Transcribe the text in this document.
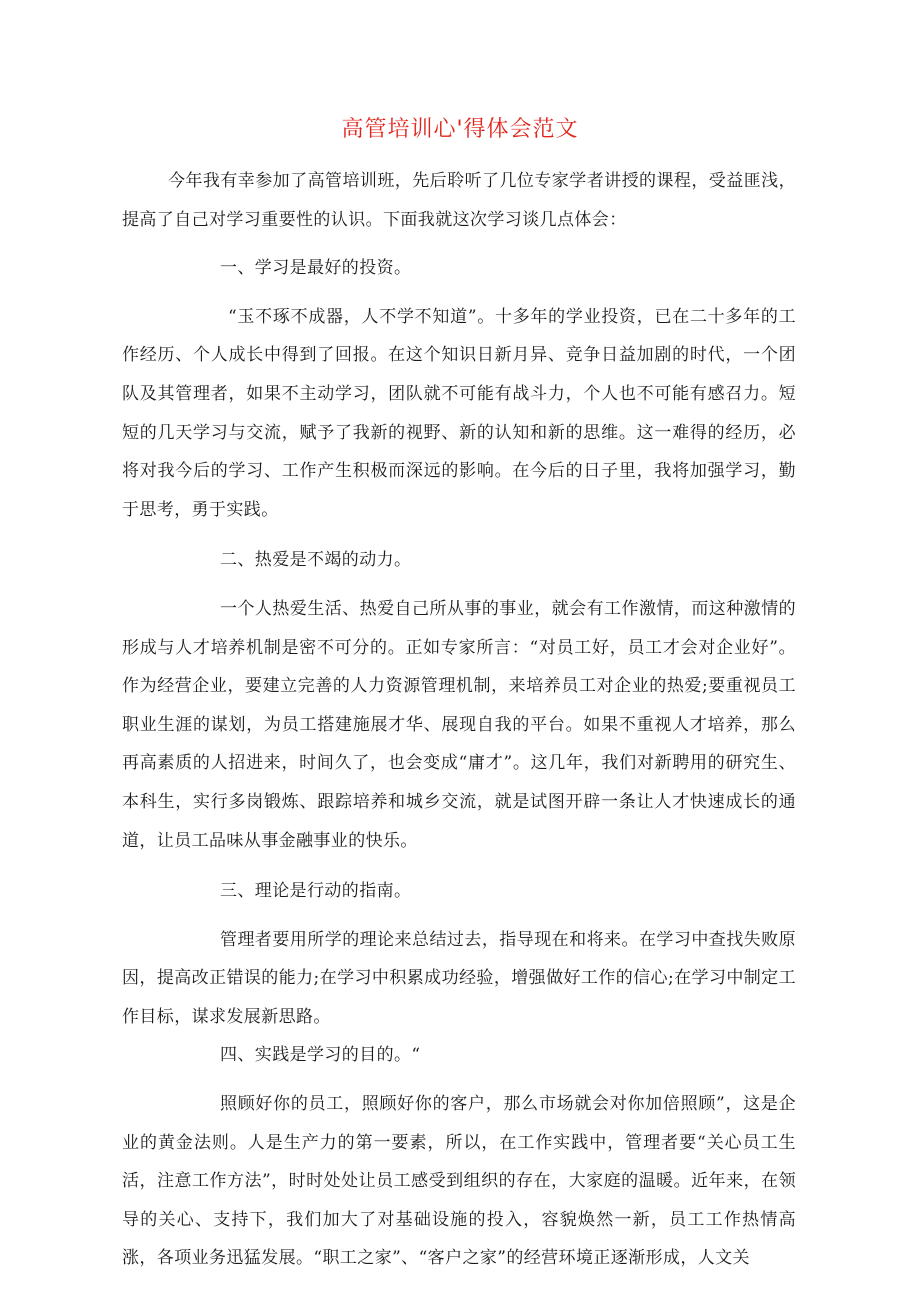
高管培训心'得体会范文

今年我有幸参加了高管培训班，先后聆听了几位专家学者讲授的课程，受益匪浅，提高了自己对学习重要性的认识。下面我就这次学习谈几点体会：

一、学习是最好的投资。

“玉不琢不成器，人不学不知道”。十多年的学业投资，已在二十多年的工作经历、个人成长中得到了回报。在这个知识日新月异、竞争日益加剧的时代，一个团队及其管理者，如果不主动学习，团队就不可能有战斗力，个人也不可能有感召力。短短的几天学习与交流，赋予了我新的视野、新的认知和新的思维。这一难得的经历，必将对我今后的学习、工作产生积极而深远的影响。在今后的日子里，我将加强学习，勤于思考，勇于实践。

二、热爱是不竭的动力。

一个人热爱生活、热爱自己所从事的事业，就会有工作激情，而这种激情的形成与人才培养机制是密不可分的。正如专家所言：“对员工好，员工才会对企业好”。作为经营企业，要建立完善的人力资源管理机制，来培养员工对企业的热爱;要重视员工职业生涯的谋划，为员工搭建施展才华、展现自我的平台。如果不重视人才培养，那么再高素质的人招进来，时间久了，也会变成“庸才”。这几年，我们对新聘用的研究生、本科生，实行多岗锻炼、跟踪培养和城乡交流，就是试图开辟一条让人才快速成长的通道，让员工品味从事金融事业的快乐。

三、理论是行动的指南。

管理者要用所学的理论来总结过去，指导现在和将来。在学习中查找失败原因，提高改正错误的能力;在学习中积累成功经验，增强做好工作的信心;在学习中制定工作目标，谋求发展新思路。

四、实践是学习的目的。“

照顾好你的员工，照顾好你的客户，那么市场就会对你加倍照顾”，这是企业的黄金法则。人是生产力的第一要素，所以，在工作实践中，管理者要“关心员工生活，注意工作方法”，时时处处让员工感受到组织的存在，大家庭的温暖。近年来，在领导的关心、支持下，我们加大了对基础设施的投入，容貌焕然一新，员工工作热情高涨，各项业务迅猛发展。“职工之家”、“客户之家”的经营环境正逐渐形成，人文关
